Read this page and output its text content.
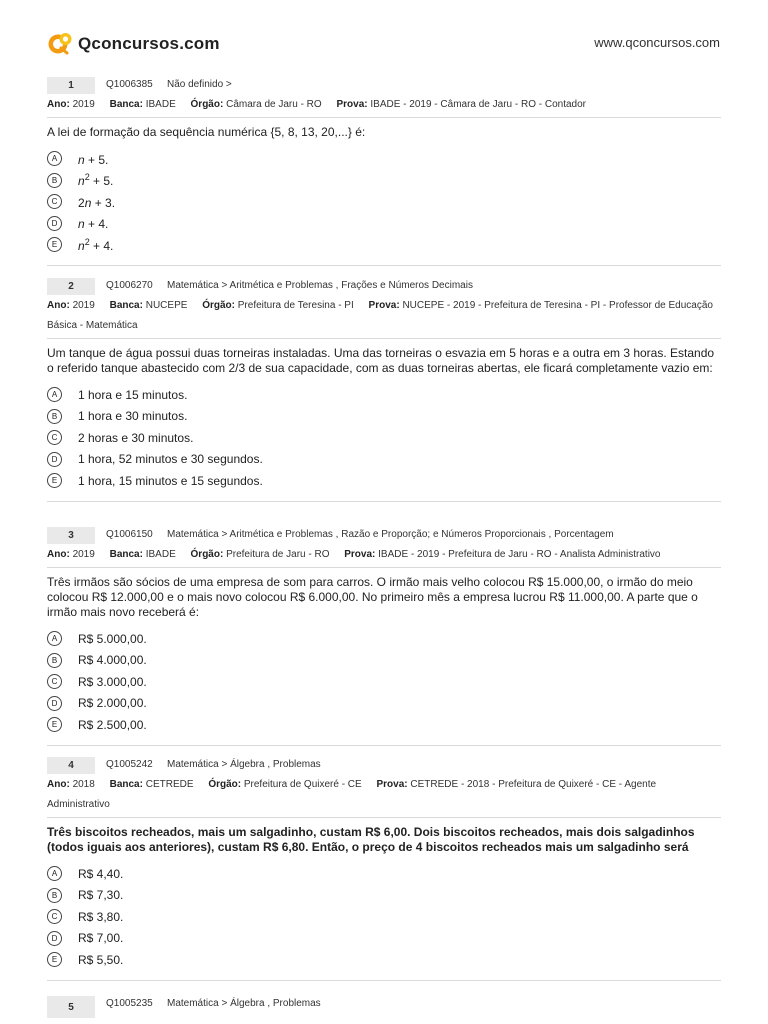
Qconcursos.com	www.qconcursos.com
1	Q1006385 Não definido >
Ano: 2019 Banca: IBADE Órgão: Câmara de Jaru - RO Prova: IBADE - 2019 - Câmara de Jaru - RO - Contador
A lei de formação da sequência numérica {5, 8, 13, 20,...} é:
A	n + 5.
B	$n^2 + 5$.
C	2n + 3.
D	n + 4.
E	$n^2 + 4$.
2	Q1006270 Matemática > Aritmética e Problemas , Frações e Números Decimais
Ano: 2019 Banca: NUCEPE Órgão: Prefeitura de Teresina - PI Prova: NUCEPE - 2019 - Prefeitura de Teresina - PI - Professor de Educação Básica - Matemática
Um tanque de água possui duas torneiras instaladas. Uma das torneiras o esvazia em 5 horas e a outra em 3 horas. Estando o referido tanque abastecido com 2/3 de sua capacidade, com as duas torneiras abertas, ele ficará completamente vazio em:
A	1 hora e 15 minutos.
B	1 hora e 30 minutos.
C	2 horas e 30 minutos.
D	1 hora, 52 minutos e 30 segundos.
E	1 hora, 15 minutos e 15 segundos.
3	Q1006150 Matemática > Aritmética e Problemas , Razão e Proporção; e Números Proporcionais , Porcentagem
Ano: 2019 Banca: IBADE Órgão: Prefeitura de Jaru - RO Prova: IBADE - 2019 - Prefeitura de Jaru - RO - Analista Administrativo
Três irmãos são sócios de uma empresa de som para carros. O irmão mais velho colocou R$ 15.000,00, o irmão do meio colocou R$ 12.000,00 e o mais novo colocou R$ 6.000,00. No primeiro mês a empresa lucrou R$ 11.000,00. A parte que o irmão mais novo receberá é:
A	R$ 5.000,00.
B	R$ 4.000,00.
C	R$ 3.000,00.
D	R$ 2.000,00.
E	R$ 2.500,00.
4	Q1005242 Matemática > Álgebra , Problemas
Ano: 2018 Banca: CETREDE Órgão: Prefeitura de Quixeré - CE Prova: CETREDE - 2018 - Prefeitura de Quixeré - CE - Agente Administrativo
Três biscoitos recheados, mais um salgadinho, custam R$ 6,00. Dois biscoitos recheados, mais dois salgadinhos (todos iguais aos anteriores), custam R$ 6,80. Então, o preço de 4 biscoitos recheados mais um salgadinho será
A	R$ 4,40.
B	R$ 7,30.
C	R$ 3,80.
D	R$ 7,00.
E	R$ 5,50.
5	Q1005235 Matemática > Álgebra , Problemas
